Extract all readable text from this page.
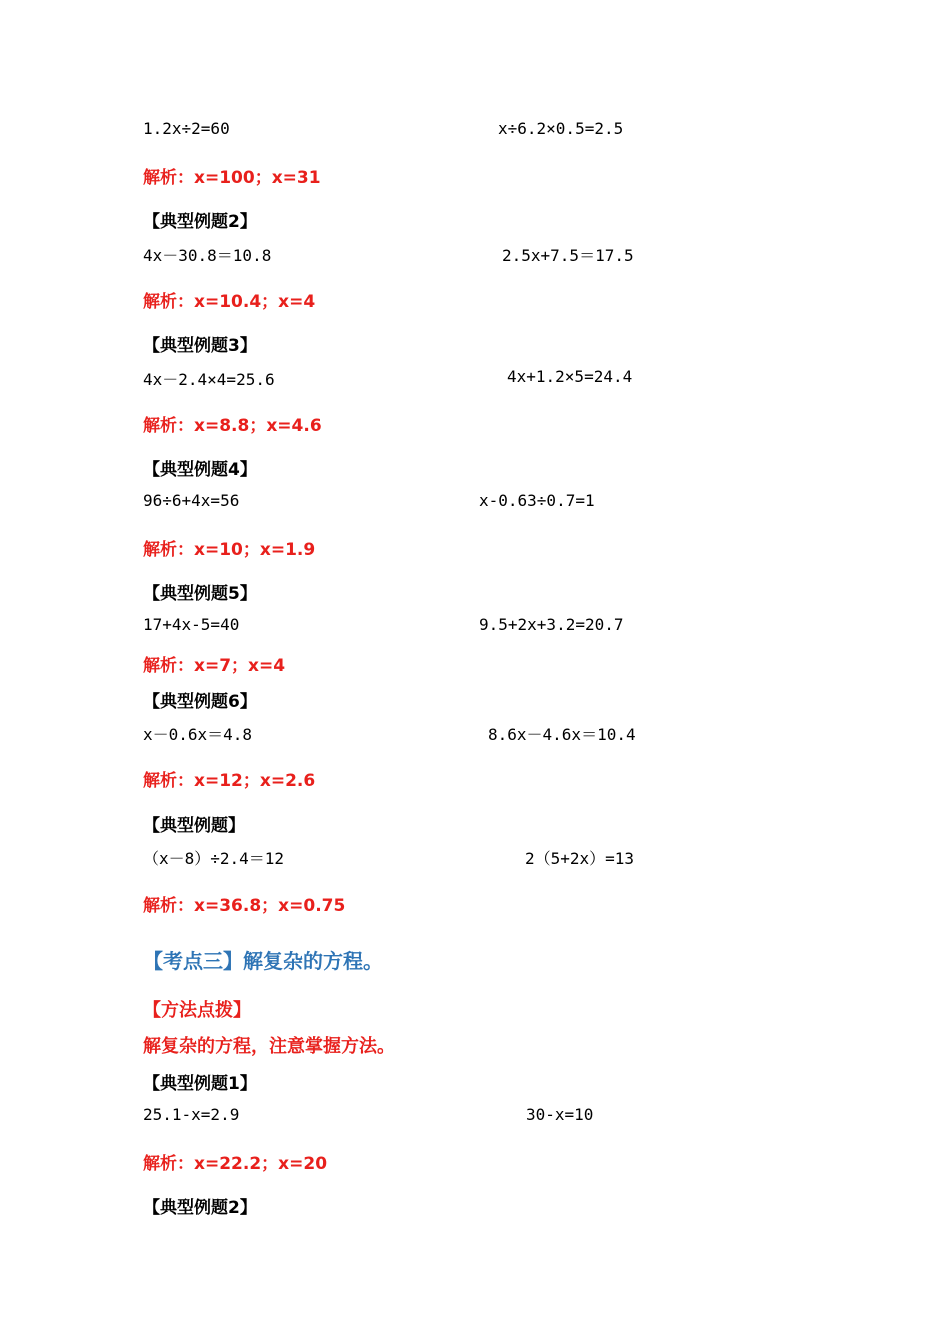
1.2x÷2=60	x÷6.2×0.5=2.5
解析：x=100；x=31
【典型例题2】
4x－30.8＝10.8	2.5x+7.5＝17.5
解析：x=10.4；x=4
【典型例题3】
4x－2.4×4=25.6	4x+1.2×5=24.4
解析：x=8.8；x=4.6
【典型例题4】
96÷6+4x=56	x-0.63÷0.7=1
解析：x=10；x=1.9
【典型例题5】
17+4x-5=40	9.5+2x+3.2=20.7
解析：x=7；x=4
【典型例题6】
x－0.6x＝4.8	8.6x－4.6x＝10.4
解析：x=12；x=2.6
【典型例题】
（x－8）÷2.4＝12	2（5+2x）=13
解析：x=36.8；x=0.75
【考点三】解复杂的方程。
【方法点拨】
解复杂的方程，注意掌握方法。
【典型例题1】
25.1-x=2.9	30-x=10
解析：x=22.2；x=20
【典型例题2】
